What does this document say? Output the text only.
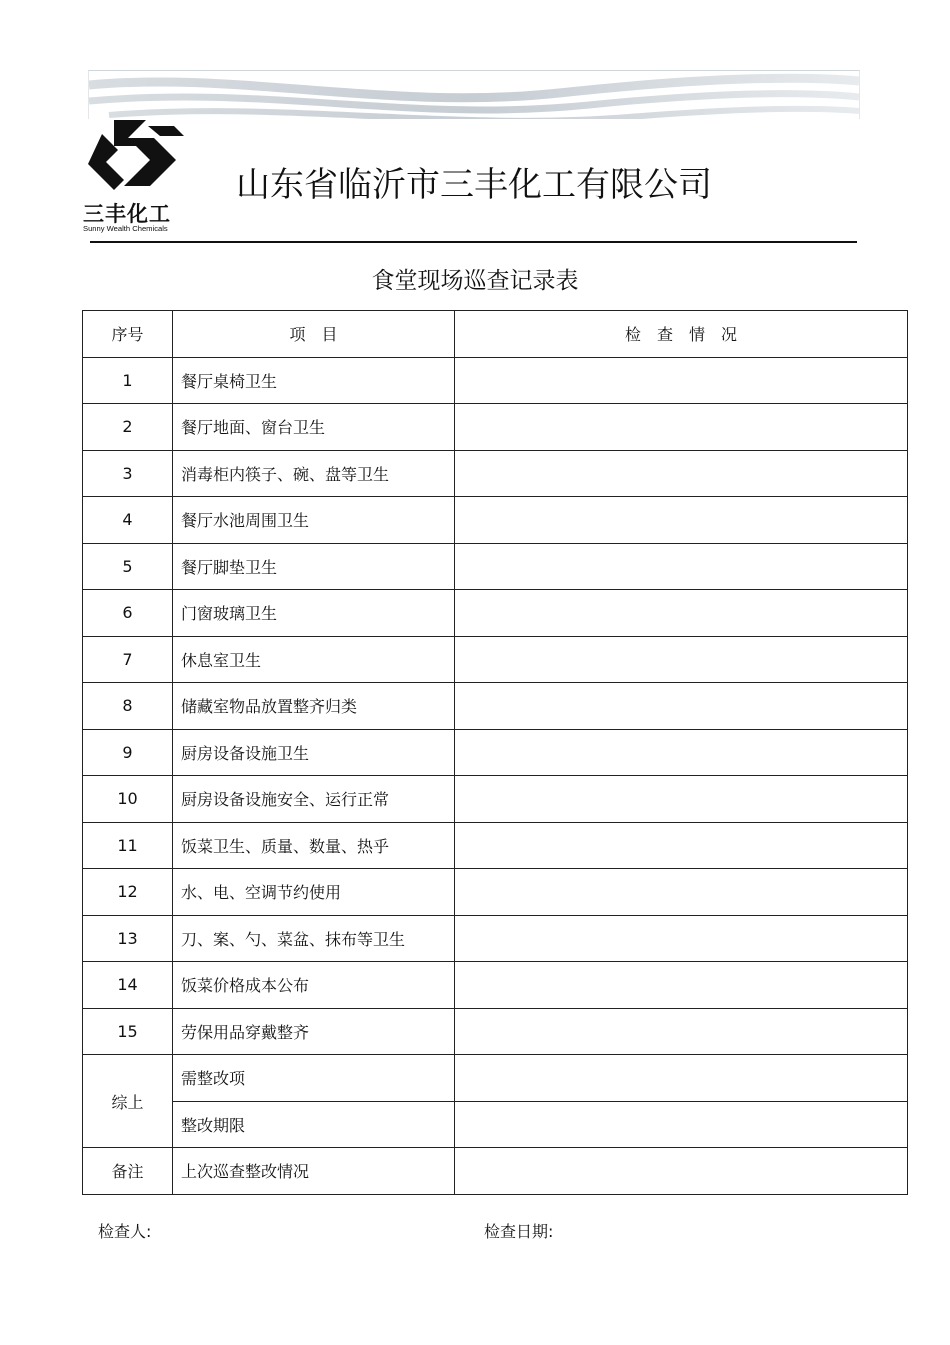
三丰化工
Sunny Wealth Chemicals
山东省临沂市三丰化工有限公司
食堂现场巡查记录表
序号	项　目	检　查　情　况
1	餐厅桌椅卫生	
2	餐厅地面、窗台卫生	
3	消毒柜内筷子、碗、盘等卫生	
4	餐厅水池周围卫生	
5	餐厅脚垫卫生	
6	门窗玻璃卫生	
7	休息室卫生	
8	储藏室物品放置整齐归类	
9	厨房设备设施卫生	
10	厨房设备设施安全、运行正常	
11	饭菜卫生、质量、数量、热乎	
12	水、电、空调节约使用	
13	刀、案、勺、菜盆、抹布等卫生	
14	饭菜价格成本公布	
15	劳保用品穿戴整齐	
综上	需整改项	
	整改期限	
备注	上次巡查整改情况	
检查人:	检查日期:
